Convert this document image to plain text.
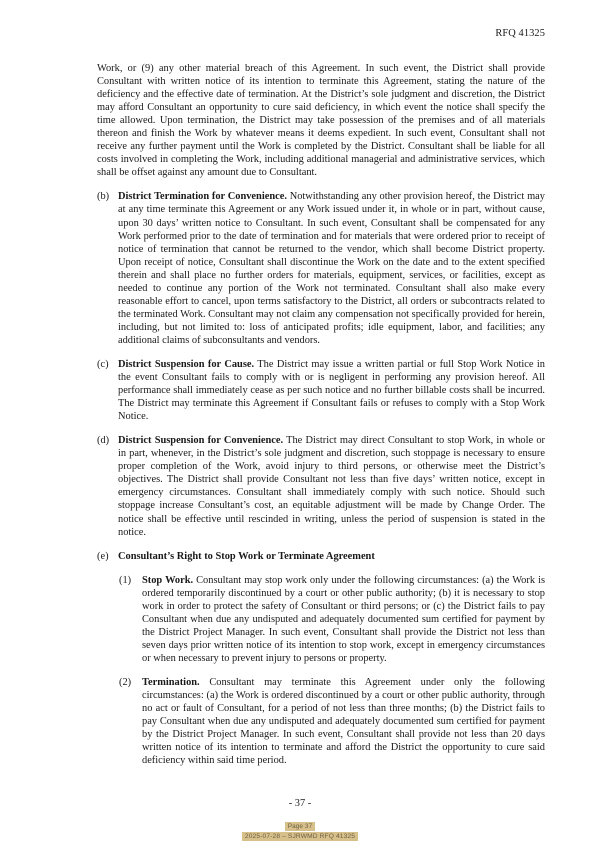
RFQ 41325

Work, or (9) any other material breach of this Agreement. In such event, the District shall provide Consultant with written notice of its intention to terminate this Agreement, stating the nature of the deficiency and the effective date of termination. At the District’s sole judgment and discretion, the District may afford Consultant an opportunity to cure said deficiency, in which event the notice shall specify the time allowed. Upon termination, the District may take possession of the premises and of all materials thereon and finish the Work by whatever means it deems expedient. In such event, Consultant shall not receive any further payment until the Work is completed by the District. Consultant shall be liable for all costs involved in completing the Work, including additional managerial and administrative services, which shall be offset against any amount due to Consultant.

(b) District Termination for Convenience. Notwithstanding any other provision hereof, the District may at any time terminate this Agreement or any Work issued under it, in whole or in part, without cause, upon 30 days’ written notice to Consultant. In such event, Consultant shall be compensated for any Work performed prior to the date of termination and for materials that were ordered prior to receipt of notice of termination that cannot be returned to the vendor, which shall become District property. Upon receipt of notice, Consultant shall discontinue the Work on the date and to the extent specified therein and shall place no further orders for materials, equipment, services, or facilities, except as needed to continue any portion of the Work not terminated. Consultant shall also make every reasonable effort to cancel, upon terms satisfactory to the District, all orders or subcontracts related to the terminated Work. Consultant may not claim any compensation not specifically provided for herein, including, but not limited to: loss of anticipated profits; idle equipment, labor, and facilities; any additional claims of subconsultants and vendors.
(c) District Suspension for Cause. The District may issue a written partial or full Stop Work Notice in the event Consultant fails to comply with or is negligent in performing any provision hereof. All performance shall immediately cease as per such notice and no further billable costs shall be incurred. The District may terminate this Agreement if Consultant fails or refuses to comply with a Stop Work Notice.
(d) District Suspension for Convenience. The District may direct Consultant to stop Work, in whole or in part, whenever, in the District’s sole judgment and discretion, such stoppage is necessary to ensure proper completion of the Work, avoid injury to third persons, or otherwise meet the District’s objectives. The District shall provide Consultant not less than five days’ written notice, except in emergency circumstances. Consultant shall immediately comply with such notice. Should such stoppage increase Consultant’s cost, an equitable adjustment will be made by Change Order. The notice shall be effective until rescinded in writing, unless the period of suspension is stated in the notice.
(e) Consultant’s Right to Stop Work or Terminate Agreement
(1) Stop Work. Consultant may stop work only under the following circumstances: (a) the Work is ordered temporarily discontinued by a court or other public authority; (b) it is necessary to stop work in order to protect the safety of Consultant or third persons; or (c) the District fails to pay Consultant when due any undisputed and adequately documented sum certified for payment by the District Project Manager. In such event, Consultant shall provide the District not less than seven days prior written notice of its intention to stop work, except in emergency circumstances or when necessary to prevent injury to persons or property.
(2) Termination. Consultant may terminate this Agreement under only the following circumstances: (a) the Work is ordered discontinued by a court or other public authority, through no act or fault of Consultant, for a period of not less than three months; (b) the District fails to pay Consultant when due any undisputed and adequately documented sum certified for payment by the District Project Manager. In such event, Consultant shall provide not less than 20 days written notice of its intention to terminate and afford the District the opportunity to cure said deficiency within said time period.
- 37 -
Page 37
2025-07-28 – SJRWMD RFQ 41325
